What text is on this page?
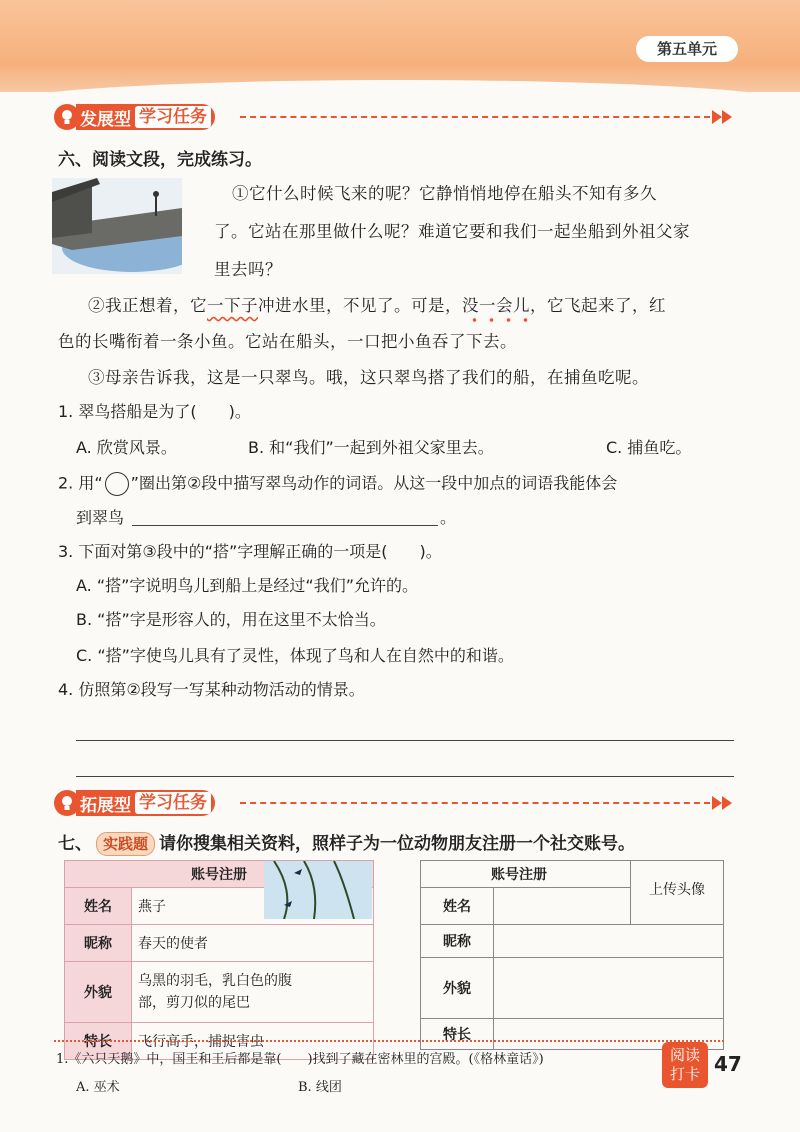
第五单元
发展型 学习任务
六、阅读文段，完成练习。
①它什么时候飞来的呢？它静悄悄地停在船头不知有多久
了。它站在那里做什么呢？难道它要和我们一起坐船到外祖父家
里去吗？
②我正想着，它一下子冲进水里，不见了。可是，没一会儿，它飞起来了，红
色的长嘴衔着一条小鱼。它站在船头，一口把小鱼吞了下去。
③母亲告诉我，这是一只翠鸟。哦，这只翠鸟搭了我们的船，在捕鱼吃呢。
1. 翠鸟搭船是为了(　　)。
A. 欣赏风景。	B. 和“我们”一起到外祖父家里去。	C. 捕鱼吃。
2. 用“ ”圈出第②段中描写翠鸟动作的词语。从这一段中加点的词语我能体会
到翠鸟	。
3. 下面对第③段中的“搭”字理解正确的一项是(　　)。
A. “搭”字说明鸟儿到船上是经过“我们”允许的。
B. “搭”字是形容人的，用在这里不太恰当。
C. “搭”字使鸟儿具有了灵性，体现了鸟和人在自然中的和谐。
4. 仿照第②段写一写某种动物活动的情景。
拓展型 学习任务
七、 实践题 请你搜集相关资料，照样子为一位动物朋友注册一个社交账号。
账号注册	
姓名	燕子
昵称	春天的使者
外貌	乌黑的羽毛，乳白色的腹部，剪刀似的尾巴
特长	飞行高手，捕捉害虫
账号注册		上传头像
姓名		
昵称		
外貌		
特长		
1.《六只天鹅》中，国王和王后都是靠(　　)找到了藏在密林里的宫殿。(《格林童话》)
A. 巫术	B. 线团
阅读
打卡 47
